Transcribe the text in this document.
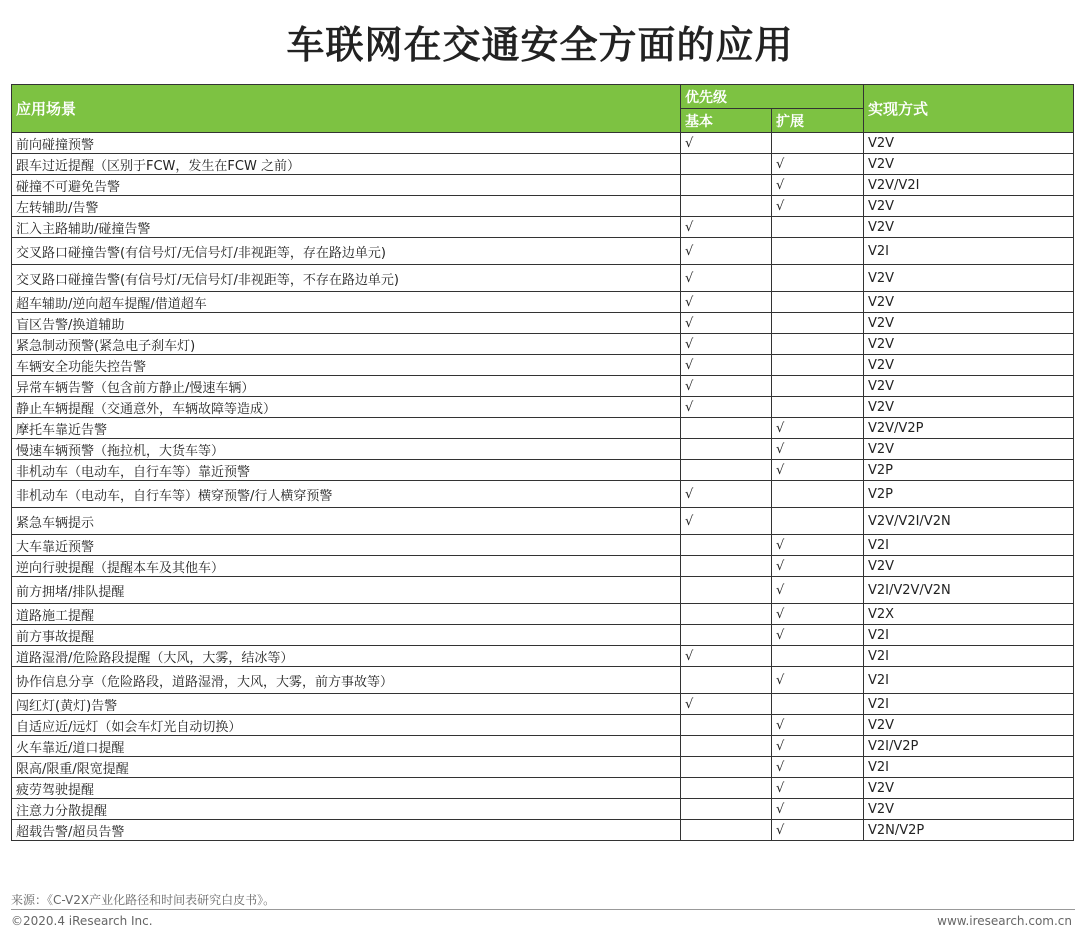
车联网在交通安全方面的应用
应用场景	优先级		实现方式
	基本	扩展	
前向碰撞预警	√		V2V
跟车过近提醒（区别于FCW，发生在FCW 之前）		√	V2V
碰撞不可避免告警		√	V2V/V2I
左转辅助/告警		√	V2V
汇入主路辅助/碰撞告警	√		V2V
交叉路口碰撞告警(有信号灯/无信号灯/非视距等，存在路边单元)	√		V2I
交叉路口碰撞告警(有信号灯/无信号灯/非视距等，不存在路边单元)	√		V2V
超车辅助/逆向超车提醒/借道超车	√		V2V
盲区告警/换道辅助	√		V2V
紧急制动预警(紧急电子刹车灯)	√		V2V
车辆安全功能失控告警	√		V2V
异常车辆告警（包含前方静止/慢速车辆）	√		V2V
静止车辆提醒（交通意外，车辆故障等造成）	√		V2V
摩托车靠近告警		√	V2V/V2P
慢速车辆预警（拖拉机，大货车等）		√	V2V
非机动车（电动车，自行车等）靠近预警		√	V2P
非机动车（电动车，自行车等）横穿预警/行人横穿预警	√		V2P
紧急车辆提示	√		V2V/V2I/V2N
大车靠近预警		√	V2I
逆向行驶提醒（提醒本车及其他车）		√	V2V
前方拥堵/排队提醒		√	V2I/V2V/V2N
道路施工提醒		√	V2X
前方事故提醒		√	V2I
道路湿滑/危险路段提醒（大风，大雾，结冰等）	√		V2I
协作信息分享（危险路段，道路湿滑，大风，大雾，前方事故等）		√	V2I
闯红灯(黄灯)告警	√		V2I
自适应近/远灯（如会车灯光自动切换）		√	V2V
火车靠近/道口提醒		√	V2I/V2P
限高/限重/限宽提醒		√	V2I
疲劳驾驶提醒		√	V2V
注意力分散提醒		√	V2V
超载告警/超员告警		√	V2N/V2P
来源：《C-V2X产业化路径和时间表研究白皮书》。
©2020.4 iResearch Inc.	www.iresearch.com.cn
